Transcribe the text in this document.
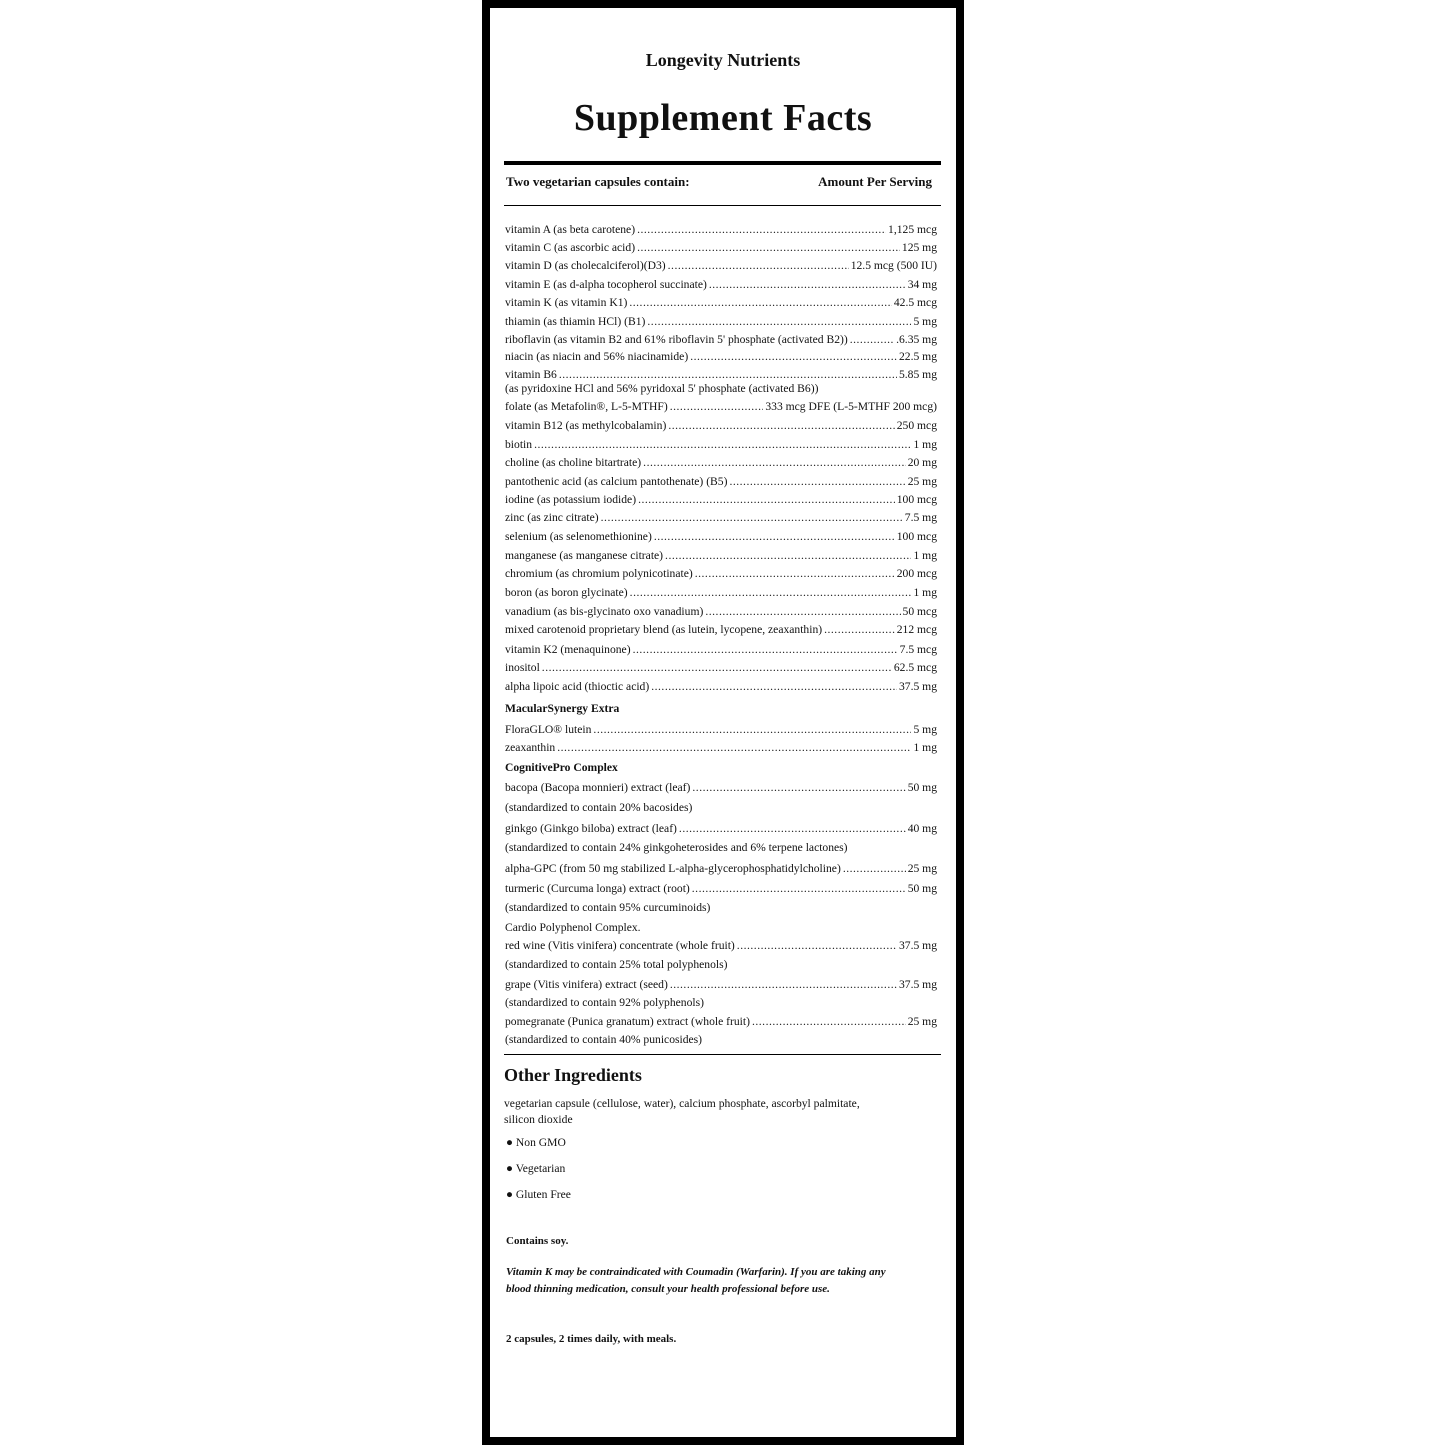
Longevity Nutrients
Supplement Facts
Two vegetarian capsules contain:	Amount Per Serving
vitamin A (as beta carotene) .....	1,125 mcg
vitamin C (as ascorbic acid) .....	125 mg
vitamin D (as cholecalciferol)(D3) .....	12.5 mcg (500 IU)
vitamin E (as d-alpha tocopherol succinate) .....	34 mg
vitamin K (as vitamin K1) .....	42.5 mcg
thiamin (as thiamin HCl) (B1) .....	5 mg
riboflavin (as vitamin B2 and 61% riboflavin 5' phosphate (activated B2)) .....	.6.35 mg
niacin (as niacin and 56% niacinamide) .....	22.5 mg
vitamin B6 .....	5.85 mg
(as pyridoxine HCl and 56% pyridoxal 5' phosphate (activated B6))
folate (as Metafolin®, L-5-MTHF) .....	333 mcg DFE (L-5-MTHF 200 mcg)
vitamin B12 (as methylcobalamin) .....	250 mcg
biotin .....	1 mg
choline (as choline bitartrate) .....	20 mg
pantothenic acid (as calcium pantothenate) (B5) .....	25 mg
iodine (as potassium iodide) .....	100 mcg
zinc (as zinc citrate) .....	7.5 mg
selenium (as selenomethionine) .....	100 mcg
manganese (as manganese citrate) .....	1 mg
chromium (as chromium polynicotinate) .....	200 mcg
boron (as boron glycinate) .....	1 mg
vanadium (as bis-glycinato oxo vanadium) .....	50 mcg
mixed carotenoid proprietary blend (as lutein, lycopene, zeaxanthin) .....	212 mcg
vitamin K2 (menaquinone) .....	7.5 mcg
inositol .....	62.5 mcg
alpha lipoic acid (thioctic acid) .....	37.5 mg
MacularSynergy Extra
FloraGLO® lutein .....	5 mg
zeaxanthin .....	1 mg
CognitivePro Complex
bacopa (Bacopa monnieri) extract (leaf) .....	50 mg
(standardized to contain 20% bacosides)
ginkgo (Ginkgo biloba) extract (leaf) .....	40 mg
(standardized to contain 24% ginkgoheterosides and 6% terpene lactones)
alpha-GPC (from 50 mg stabilized L-alpha-glycerophosphatidylcholine) .....	25 mg
turmeric (Curcuma longa) extract (root) .....	50 mg
(standardized to contain 95% curcuminoids)
Cardio Polyphenol Complex.
red wine (Vitis vinifera) concentrate (whole fruit) .....	37.5 mg
(standardized to contain 25% total polyphenols)
grape (Vitis vinifera) extract (seed) .....	37.5 mg
(standardized to contain 92% polyphenols)
pomegranate (Punica granatum) extract (whole fruit) .....	25 mg
(standardized to contain 40% punicosides)
Other Ingredients
vegetarian capsule (cellulose, water), calcium phosphate, ascorbyl palmitate, silicon dioxide
● Non GMO
● Vegetarian
● Gluten Free
Contains soy.
Vitamin K may be contraindicated with Coumadin (Warfarin). If you are taking any blood thinning medication, consult your health professional before use.
2 capsules, 2 times daily, with meals.
